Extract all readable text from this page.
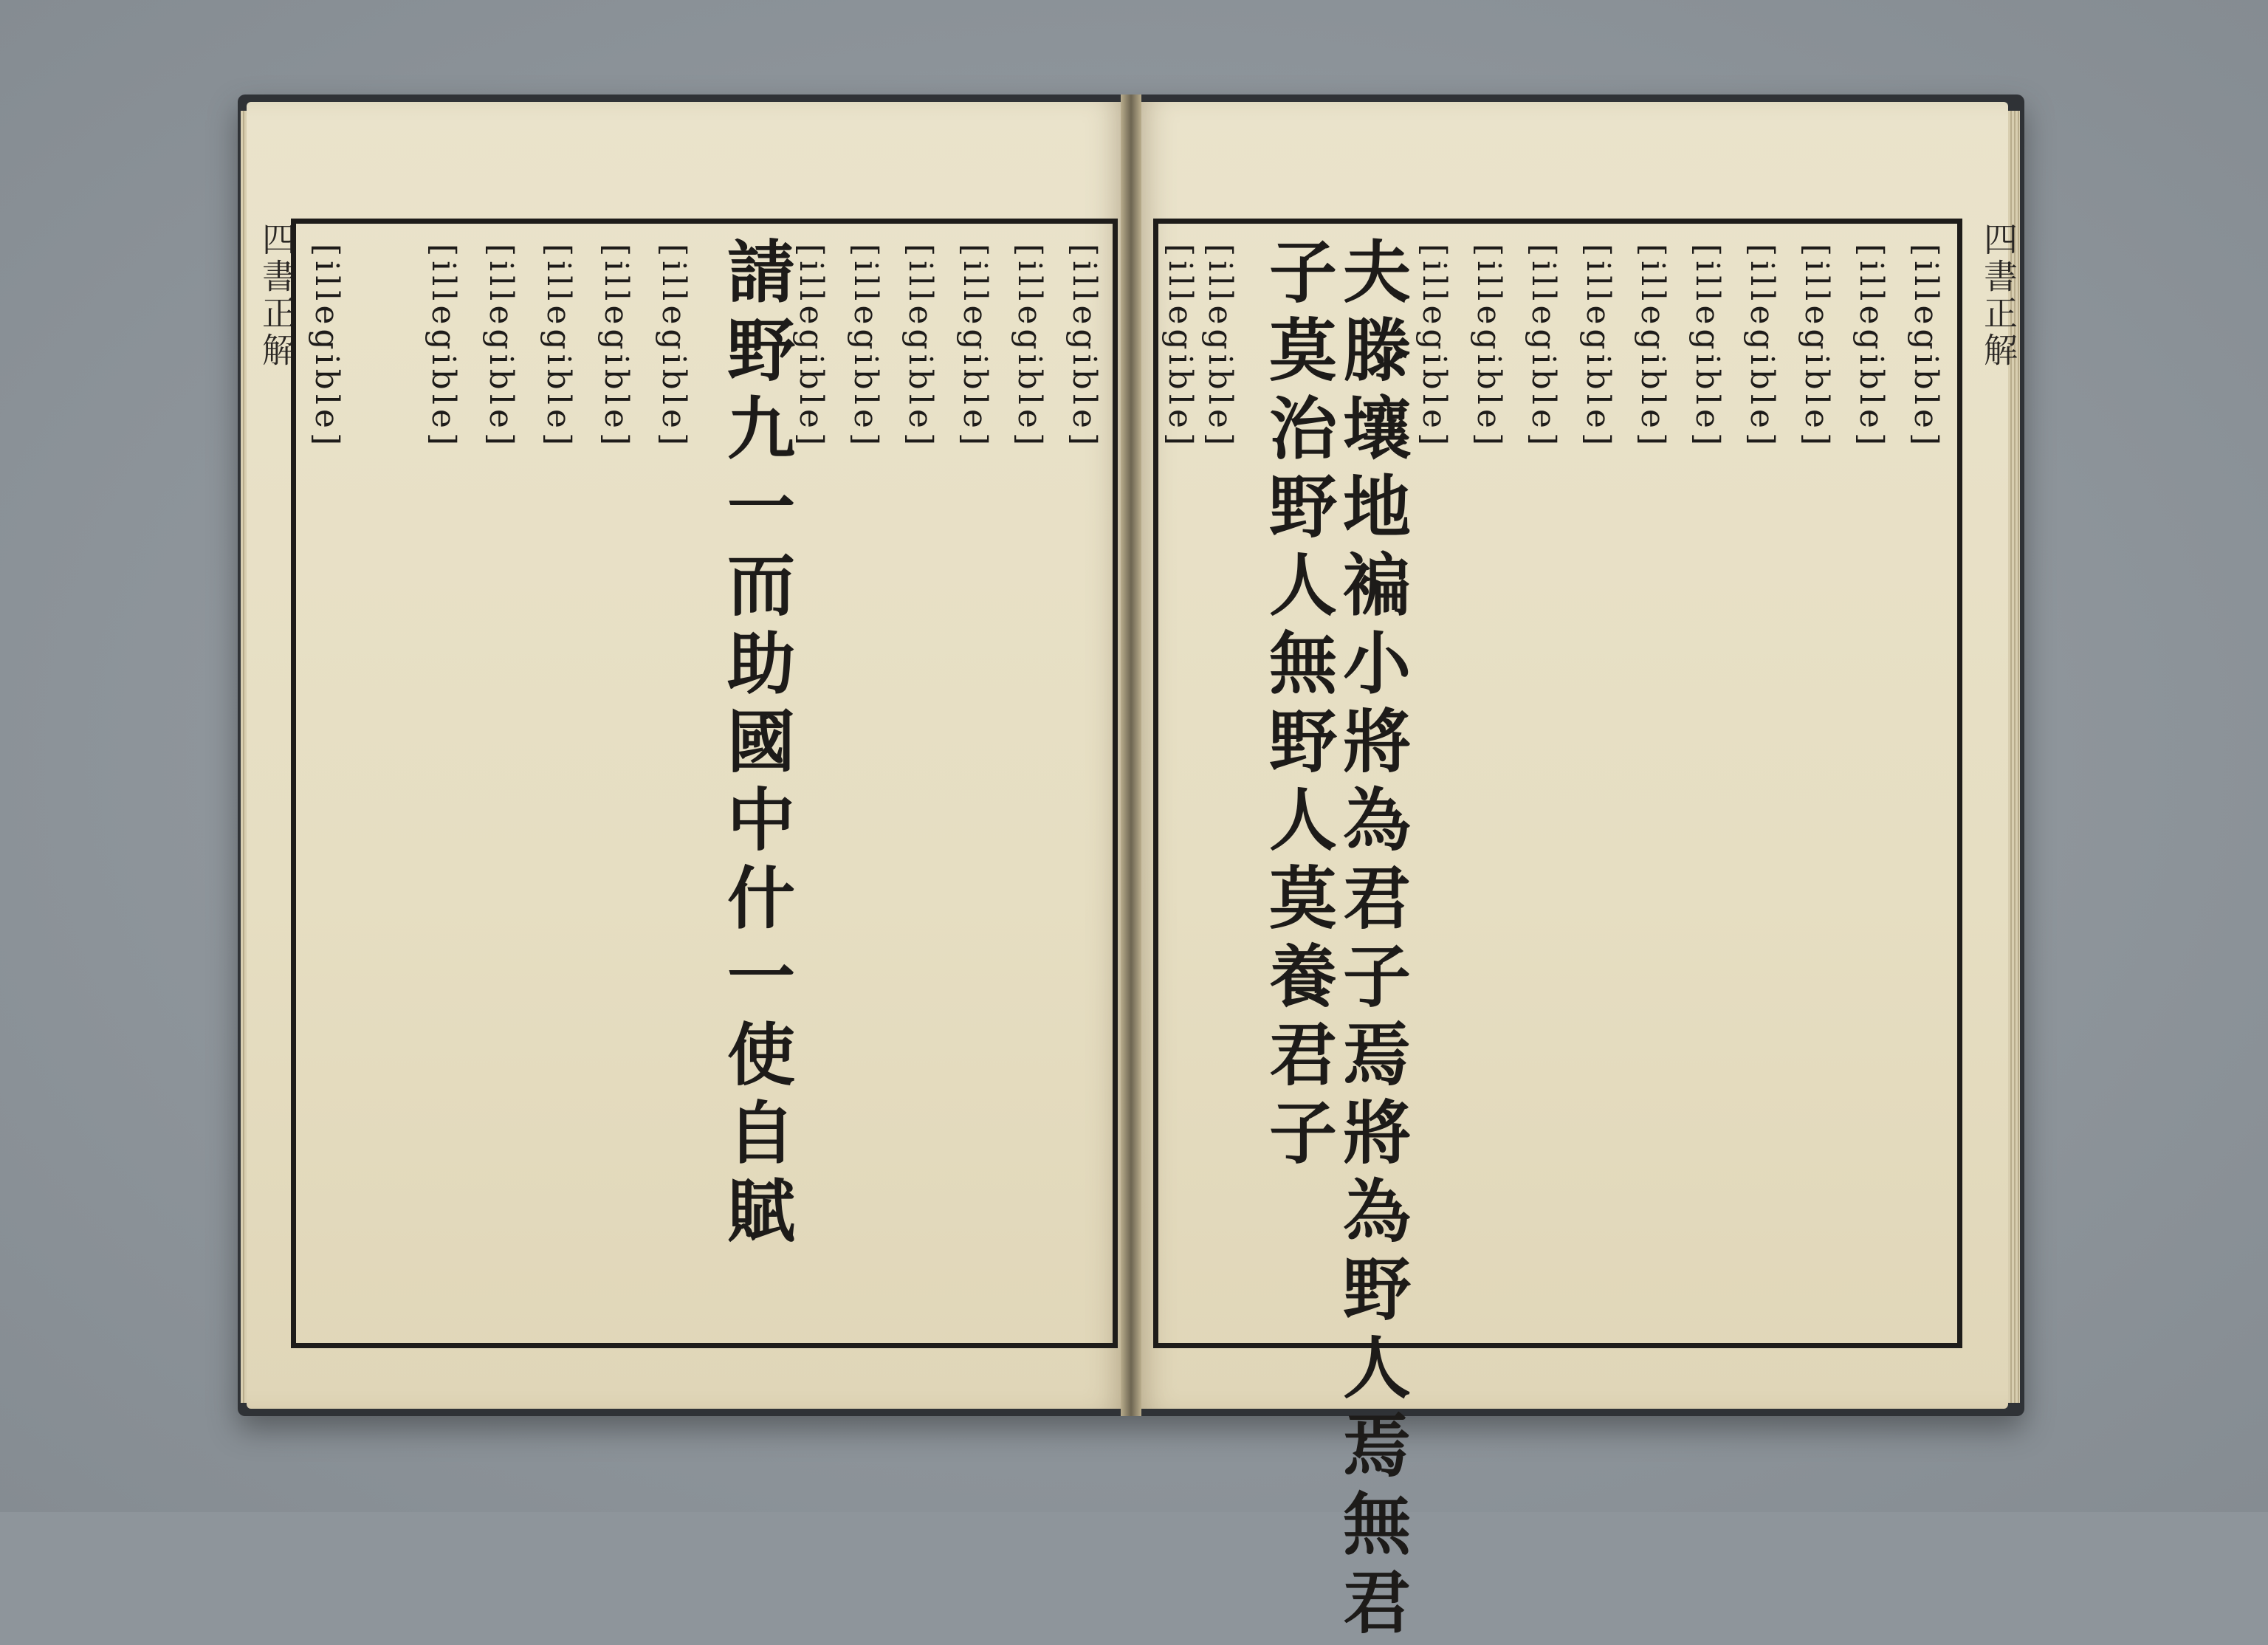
四書正解	四書正解
請野九一而助國中什一使自賦	[illegible]
[illegible]
[illegible]
[illegible]
[illegible]
[illegible]
[illegible]
[illegible]
[illegible]
[illegible]
[illegible]
[illegible]	[illegible]
[illegible]
[illegible]
[illegible]
[illegible]
[illegible]
[illegible]
[illegible]
[illegible]
[illegible]
夫滕壤地褊小將為君子焉將為野人焉無君
子莫治野人無野人莫養君子
[illegible]
[illegible]
